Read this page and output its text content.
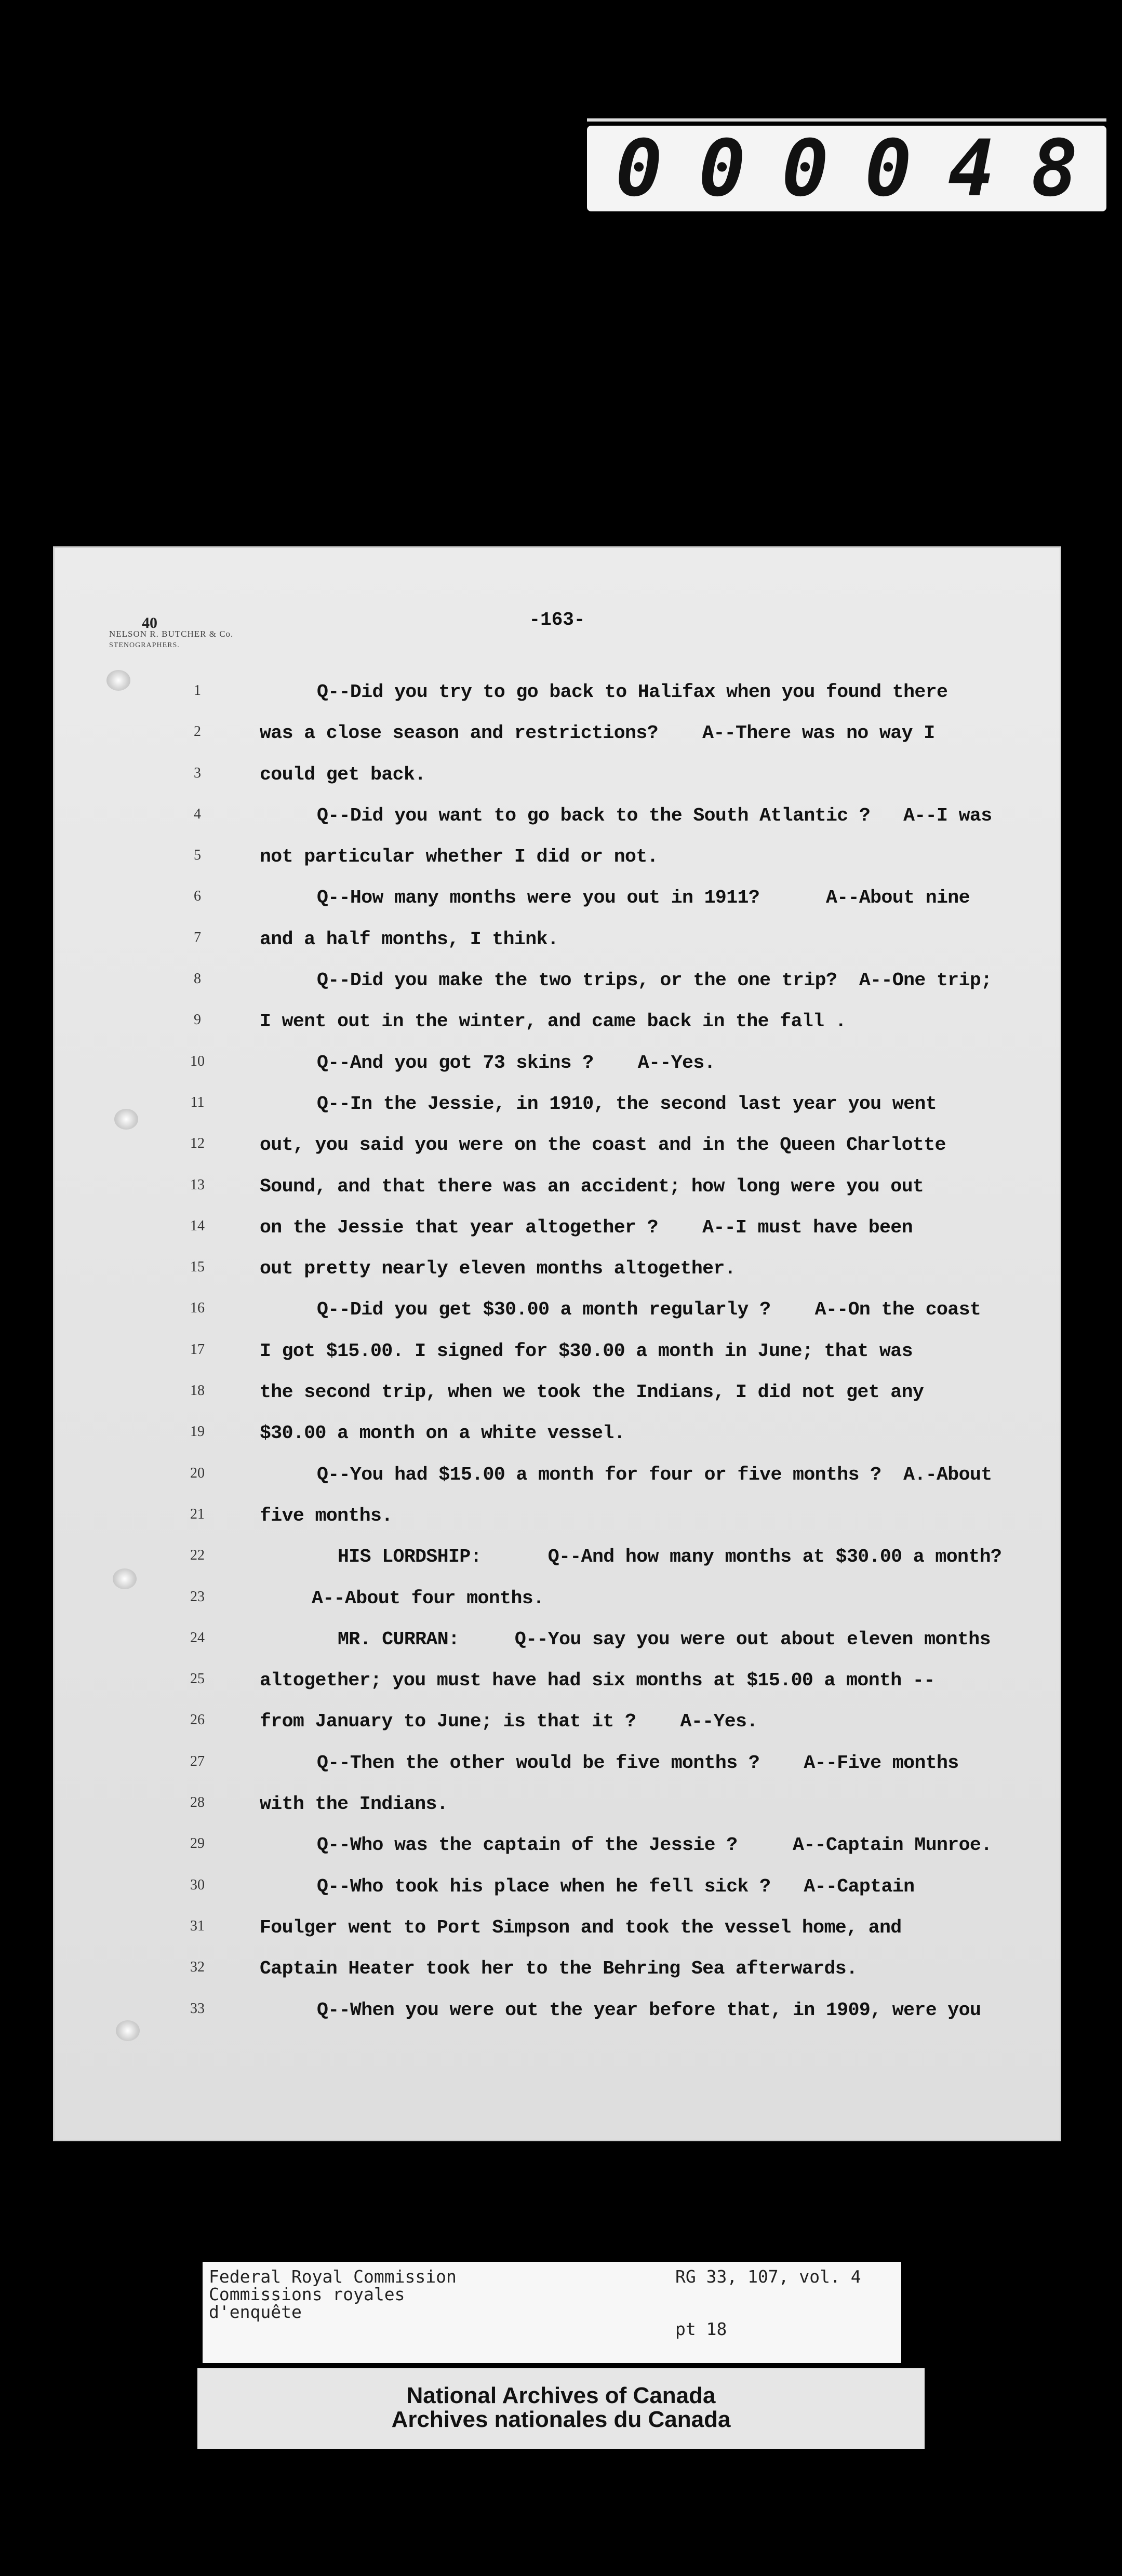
0 0 0 0 4 8
40
NELSON R. BUTCHER & Co.
STENOGRAPHERS.
-163-
1
2
3
4
5
6
7
8
9
10
11
12
13
14
15
16
17
18
19
20
21
22
23
24
25
26
27
28
29
30
31
32
33
Q--Did you try to go back to Halifax when you found there
was a close season and restrictions?    A--There was no way I
could get back.
Q--Did you want to go back to the South Atlantic ?   A--I was
not particular whether I did or not.
Q--How many months were you out in 1911?      A--About nine
and a half months, I think.
Q--Did you make the two trips, or the one trip?  A--One trip;
I went out in the winter, and came back in the fall .
Q--And you got 73 skins ?    A--Yes.
Q--In the Jessie, in 1910, the second last year you went
out, you said you were on the coast and in the Queen Charlotte
Sound, and that there was an accident; how long were you out
on the Jessie that year altogether ?    A--I must have been
out pretty nearly eleven months altogether.
Q--Did you get $30.00 a month regularly ?    A--On the coast
I got $15.00. I signed for $30.00 a month in June; that was
the second trip, when we took the Indians, I did not get any
$30.00 a month on a white vessel.
Q--You had $15.00 a month for four or five months ?  A.-About
five months.
HIS LORDSHIP:      Q--And how many months at $30.00 a month?
A--About four months.
MR. CURRAN:     Q--You say you were out about eleven months
altogether; you must have had six months at $15.00 a month --
from January to June; is that it ?    A--Yes.
Q--Then the other would be five months ?    A--Five months
with the Indians.
Q--Who was the captain of the Jessie ?     A--Captain Munroe.
Q--Who took his place when he fell sick ?   A--Captain
Foulger went to Port Simpson and took the vessel home, and
Captain Heater took her to the Behring Sea afterwards.
Q--When you were out the year before that, in 1909, were you
Federal Royal Commission
Commissions royales
d'enquête
RG 33, 107, vol. 4
pt 18
National Archives of Canada
Archives nationales du Canada
